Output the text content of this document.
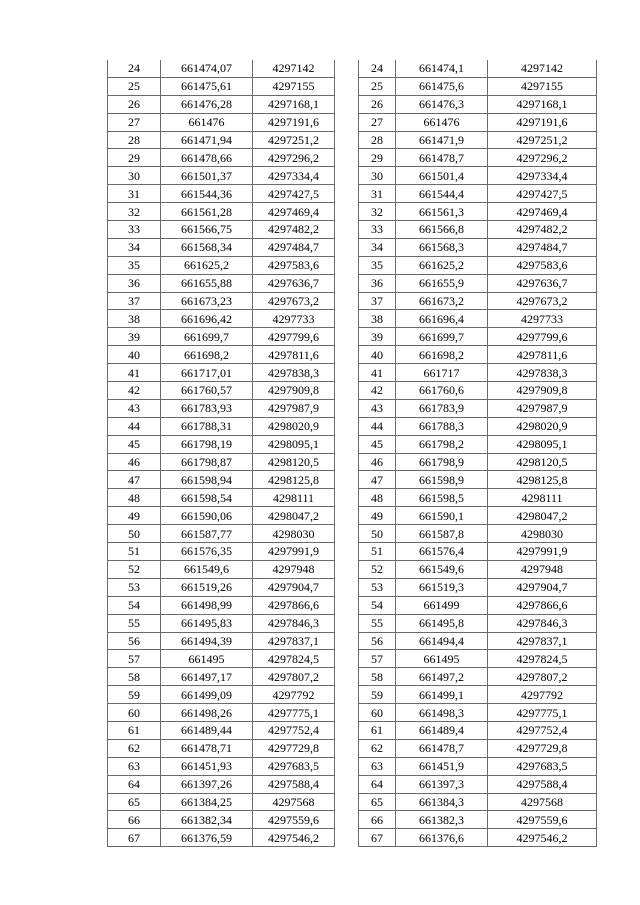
24	661474,07	4297142
25	661475,61	4297155
26	661476,28	4297168,1
27	661476	4297191,6
28	661471,94	4297251,2
29	661478,66	4297296,2
30	661501,37	4297334,4
31	661544,36	4297427,5
32	661561,28	4297469,4
33	661566,75	4297482,2
34	661568,34	4297484,7
35	661625,2	4297583,6
36	661655,88	4297636,7
37	661673,23	4297673,2
38	661696,42	4297733
39	661699,7	4297799,6
40	661698,2	4297811,6
41	661717,01	4297838,3
42	661760,57	4297909,8
43	661783,93	4297987,9
44	661788,31	4298020,9
45	661798,19	4298095,1
46	661798,87	4298120,5
47	661598,94	4298125,8
48	661598,54	4298111
49	661590,06	4298047,2
50	661587,77	4298030
51	661576,35	4297991,9
52	661549,6	4297948
53	661519,26	4297904,7
54	661498,99	4297866,6
55	661495,83	4297846,3
56	661494,39	4297837,1
57	661495	4297824,5
58	661497,17	4297807,2
59	661499,09	4297792
60	661498,26	4297775,1
61	661489,44	4297752,4
62	661478,71	4297729,8
63	661451,93	4297683,5
64	661397,26	4297588,4
65	661384,25	4297568
66	661382,34	4297559,6
67	661376,59	4297546,2
24	661474,1	4297142
25	661475,6	4297155
26	661476,3	4297168,1
27	661476	4297191,6
28	661471,9	4297251,2
29	661478,7	4297296,2
30	661501,4	4297334,4
31	661544,4	4297427,5
32	661561,3	4297469,4
33	661566,8	4297482,2
34	661568,3	4297484,7
35	661625,2	4297583,6
36	661655,9	4297636,7
37	661673,2	4297673,2
38	661696,4	4297733
39	661699,7	4297799,6
40	661698,2	4297811,6
41	661717	4297838,3
42	661760,6	4297909,8
43	661783,9	4297987,9
44	661788,3	4298020,9
45	661798,2	4298095,1
46	661798,9	4298120,5
47	661598,9	4298125,8
48	661598,5	4298111
49	661590,1	4298047,2
50	661587,8	4298030
51	661576,4	4297991,9
52	661549,6	4297948
53	661519,3	4297904,7
54	661499	4297866,6
55	661495,8	4297846,3
56	661494,4	4297837,1
57	661495	4297824,5
58	661497,2	4297807,2
59	661499,1	4297792
60	661498,3	4297775,1
61	661489,4	4297752,4
62	661478,7	4297729,8
63	661451,9	4297683,5
64	661397,3	4297588,4
65	661384,3	4297568
66	661382,3	4297559,6
67	661376,6	4297546,2
